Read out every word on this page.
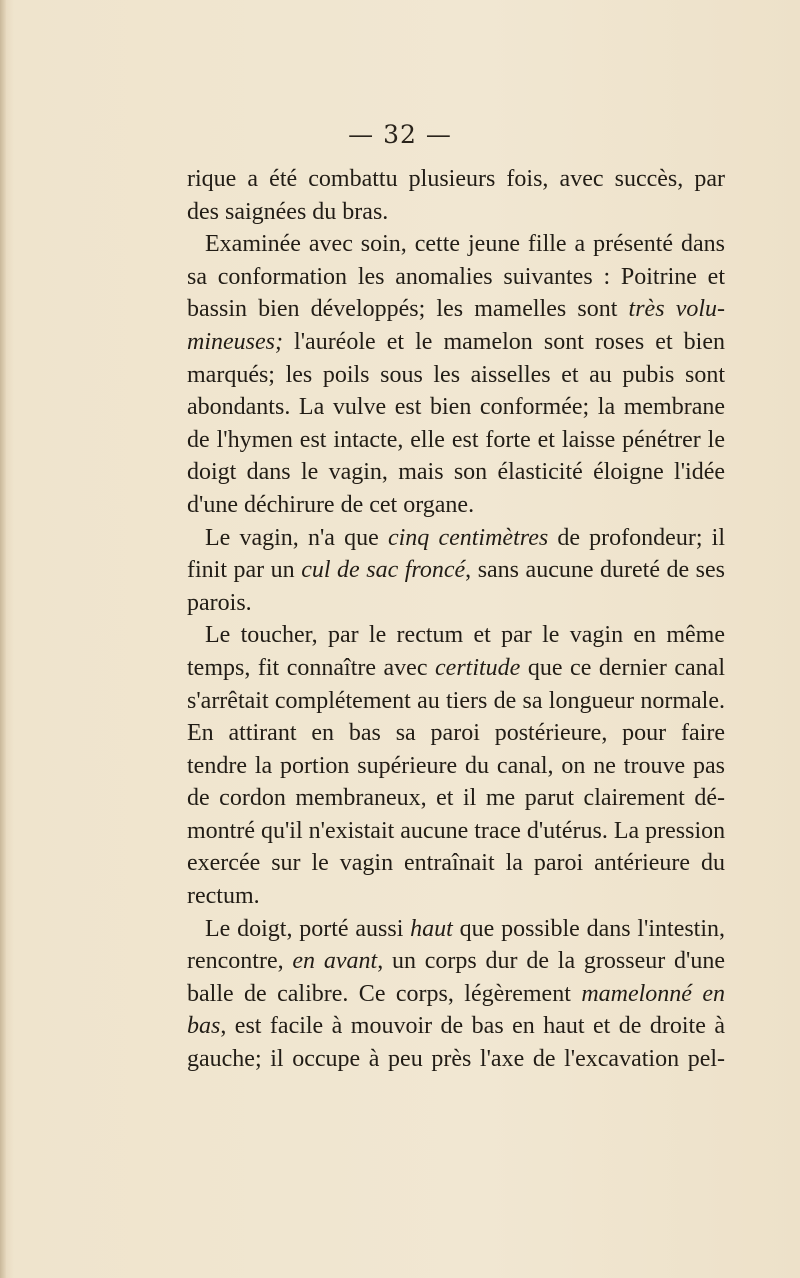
— 32 —

rique a été combattu plusieurs fois, avec succès, par
des saignées du bras.

Examinée avec soin, cette jeune fille a présenté dans
sa conformation les anomalies suivantes : Poitrine et
bassin bien développés; les mamelles sont très volu-
mineuses; l'auréole et le mamelon sont roses et bien
marqués; les poils sous les aisselles et au pubis sont
abondants. La vulve est bien conformée; la membrane
de l'hymen est intacte, elle est forte et laisse pénétrer le
doigt dans le vagin, mais son élasticité éloigne l'idée
d'une déchirure de cet organe.

Le vagin, n'a que cinq centimètres de profondeur; il
finit par un cul de sac froncé, sans aucune dureté de ses
parois.

Le toucher, par le rectum et par le vagin en même
temps, fit connaître avec certitude que ce dernier canal
s'arrêtait complétement au tiers de sa longueur normale.
En attirant en bas sa paroi postérieure, pour faire
tendre la portion supérieure du canal, on ne trouve pas
de cordon membraneux, et il me parut clairement dé-
montré qu'il n'existait aucune trace d'utérus. La pression
exercée sur le vagin entraînait la paroi antérieure du
rectum.

Le doigt, porté aussi haut que possible dans l'intestin,
rencontre, en avant, un corps dur de la grosseur d'une
balle de calibre. Ce corps, légèrement mamelonné en
bas, est facile à mouvoir de bas en haut et de droite à
gauche; il occupe à peu près l'axe de l'excavation pel-
